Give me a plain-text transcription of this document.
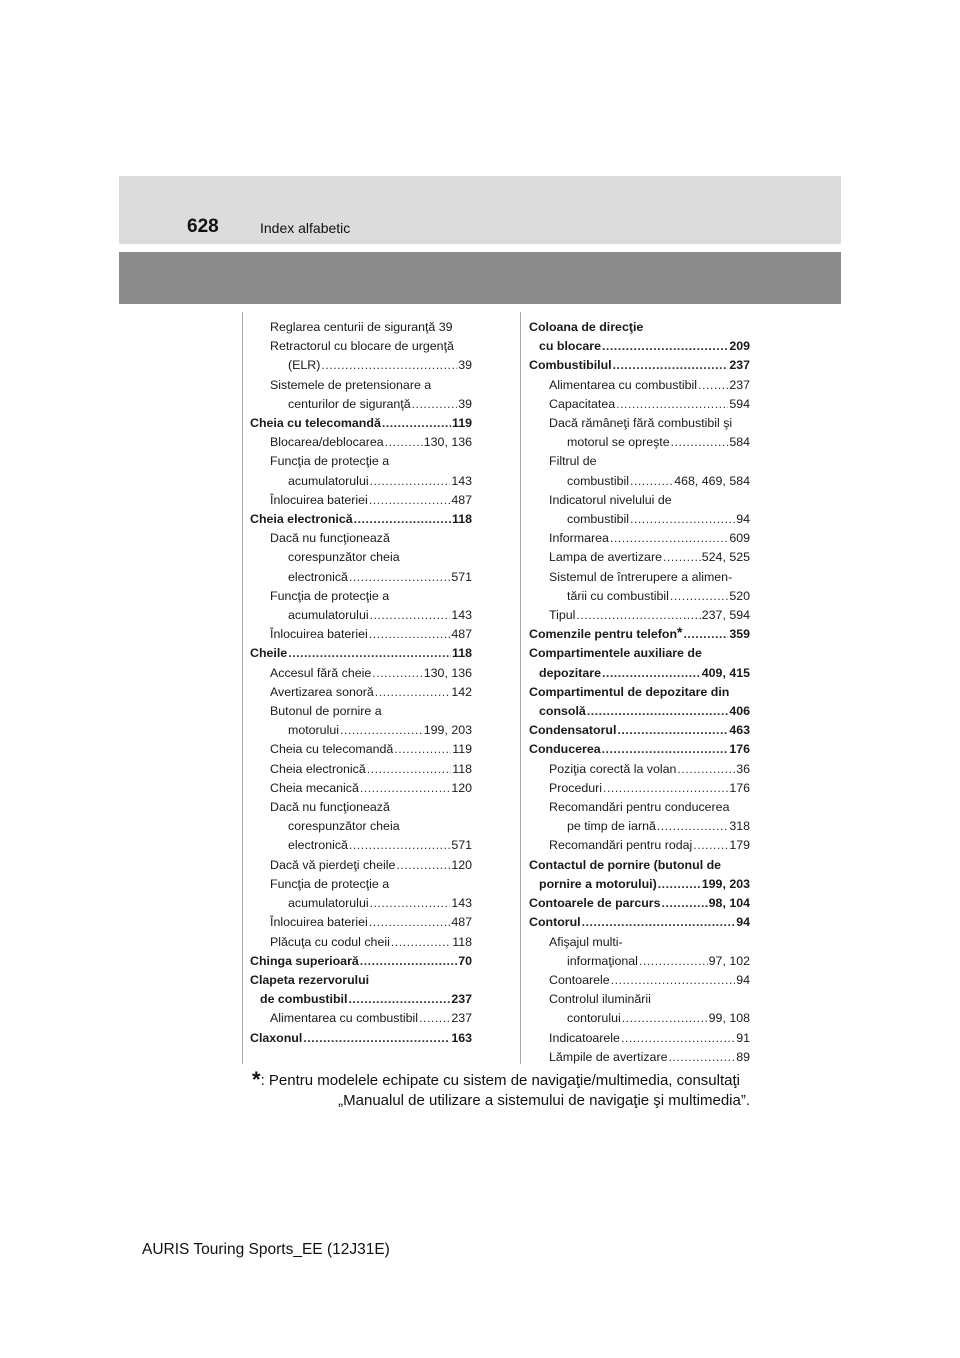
628	Index alfabetic
Reglarea centurii de siguranţă 39
Retractorul cu blocare de urgenţă
(ELR) .....	39
Sistemele de pretensionare a
centurilor de siguranţă .....	39
Cheia cu telecomandă .....	119
Blocarea/deblocarea .....	130, 136
Funcţia de protecţie a
acumulatorului .....	143
Înlocuirea bateriei .....	487
Cheia electronică .....	118
Dacă nu funcţionează
corespunzător cheia
electronică .....	571
Funcţia de protecţie a
acumulatorului .....	143
Înlocuirea bateriei .....	487
Cheile .....	118
Accesul fără cheie .....	130, 136
Avertizarea sonoră .....	142
Butonul de pornire a
motorului .....	199, 203
Cheia cu telecomandă .....	119
Cheia electronică .....	118
Cheia mecanică .....	120
Dacă nu funcţionează
corespunzător cheia
electronică .....	571
Dacă vă pierdeţi cheile .....	120
Funcţia de protecţie a
acumulatorului .....	143
Înlocuirea bateriei .....	487
Plăcuţa cu codul cheii .....	118
Chinga superioară .....	70
Clapeta rezervorului
de combustibil .....	237
Alimentarea cu combustibil .....	237
Claxonul .....	163
Coloana de direcţie
cu blocare .....	209
Combustibilul .....	237
Alimentarea cu combustibil .....	237
Capacitatea .....	594
Dacă rămâneţi fără combustibil şi
motorul se opreşte .....	584
Filtrul de
combustibil .....	468, 469, 584
Indicatorul nivelului de
combustibil .....	94
Informarea .....	609
Lampa de avertizare .....	524, 525
Sistemul de întrerupere a alimen-
tării cu combustibil .....	520
Tipul .....	237, 594
Comenzile pentru telefon* .....	359
Compartimentele auxiliare de
depozitare .....	409, 415
Compartimentul de depozitare din
consolă .....	406
Condensatorul .....	463
Conducerea .....	176
Poziţia corectă la volan .....	36
Proceduri .....	176
Recomandări pentru conducerea
pe timp de iarnă .....	318
Recomandări pentru rodaj .....	179
Contactul de pornire (butonul de
pornire a motorului) .....	199, 203
Contoarele de parcurs .....	98, 104
Contorul .....	94
Afişajul multi-
informaţional .....	97, 102
Contoarele .....	94
Controlul iluminării
contorului .....	99, 108
Indicatoarele .....	91
Lămpile de avertizare .....	89
*: Pentru modelele echipate cu sistem de navigaţie/multimedia, consultaţi
„Manualul de utilizare a sistemului de navigaţie şi multimedia”.
AURIS Touring Sports_EE (12J31E)
